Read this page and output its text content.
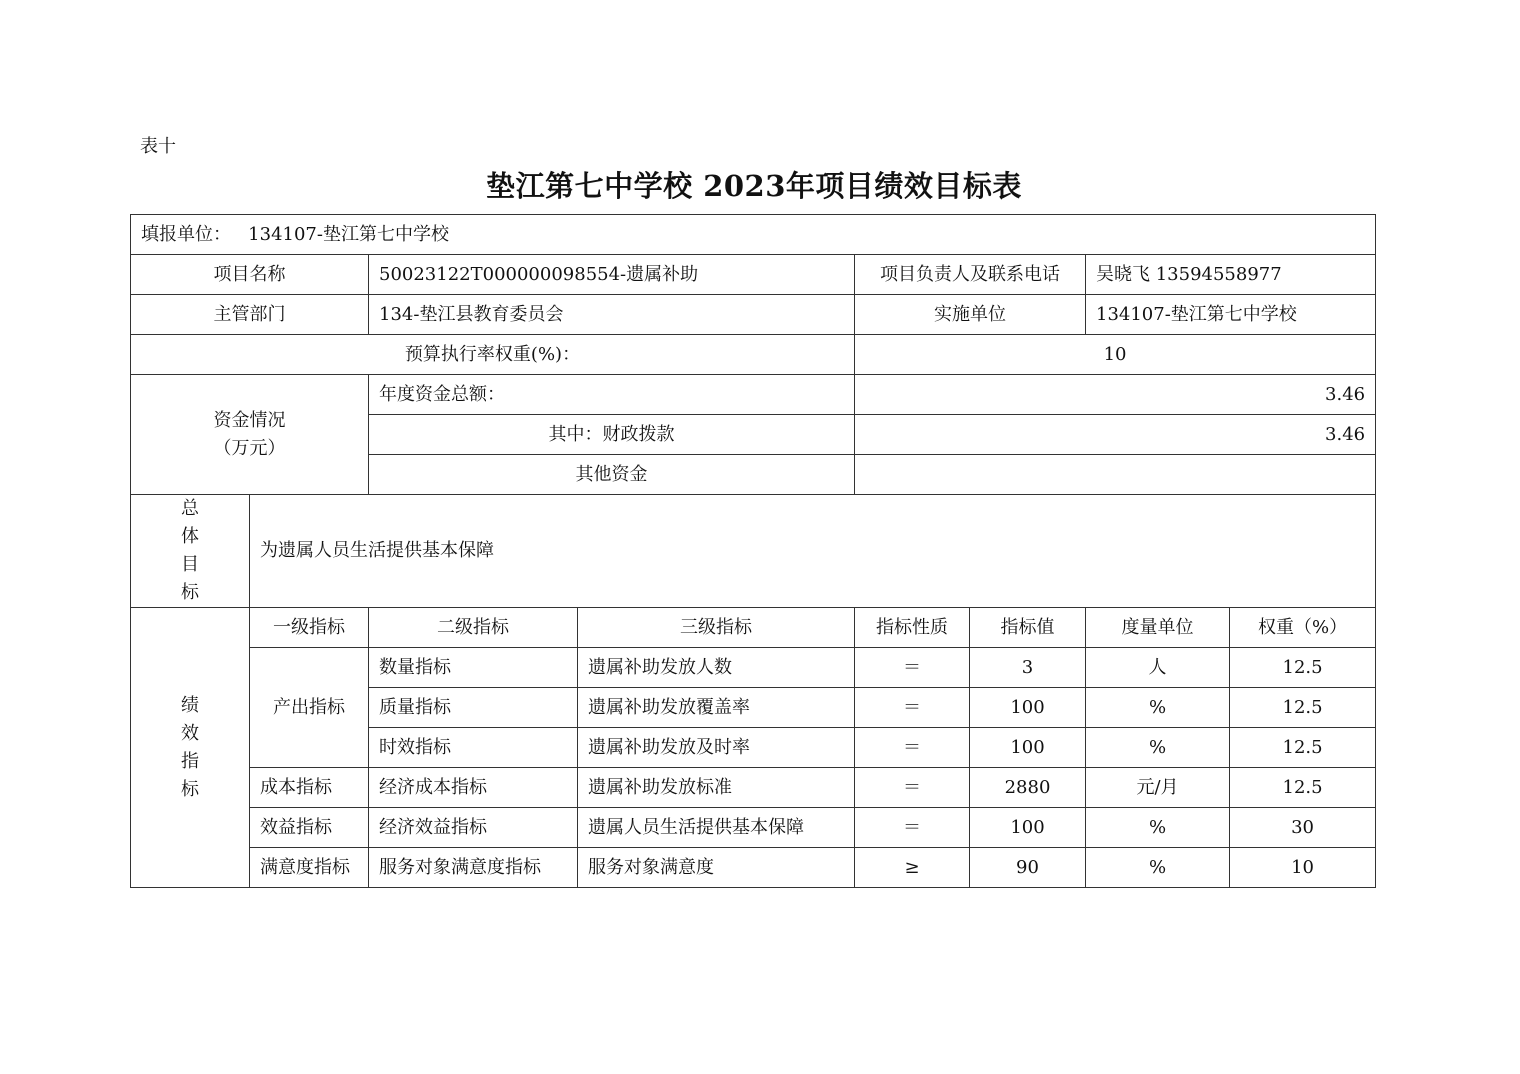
表十
垫江第七中学校 2023年项目绩效目标表
填报单位： 134107-垫江第七中学校							
项目名称		50023122T000000098554-遗属补助		项目负责人及联系电话		吴晓飞 13594558977	
主管部门		134-垫江县教育委员会		实施单位		134107-垫江第七中学校	
预算执行率权重(%)：				10			
资金情况
（万元）		年度资金总额：		3.46			
		其中：财政拨款		3.46			
		其他资金					

总
体
目
标	为遗属人员生活提供基本保障						

绩
效
指
标	一级指标	二级指标	三级指标	指标性质	指标值	度量单位	权重（%）
	产出指标	数量指标	遗属补助发放人数	＝	3	人	12.5
		质量指标	遗属补助发放覆盖率	＝	100	%	12.5
		时效指标	遗属补助发放及时率	＝	100	%	12.5
	成本指标	经济成本指标	遗属补助发放标准	＝	2880	元/月	12.5
	效益指标	经济效益指标	遗属人员生活提供基本保障	＝	100	%	30
	满意度指标	服务对象满意度指标	服务对象满意度	≥	90	%	10
